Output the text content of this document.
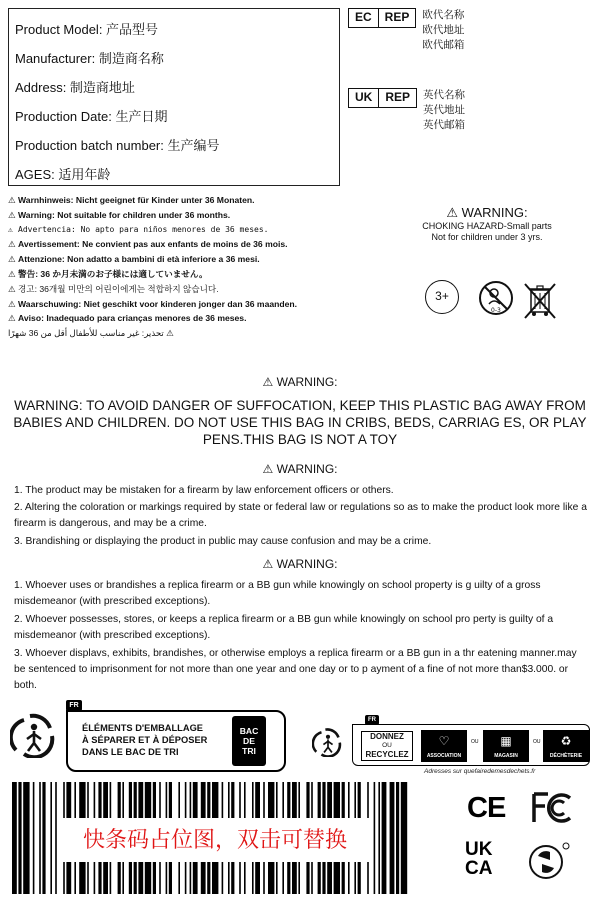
Product Model: 产品型号
Manufacturer: 制造商名称
Address: 制造商地址
Production Date: 生产日期
Production batch number: 生产编号
AGES: 适用年龄
EC	REP	欧代名称
欧代地址
欧代邮箱
UK	REP	英代名称
英代地址
英代邮箱
⚠ Warnhinweis: Nicht geeignet für Kinder unter 36 Monaten.
⚠ Warning: Not suitable for children under 36 months.
⚠ Advertencia: No apto para niños menores de 36 meses.
⚠ Avertissement: Ne convient pas aux enfants de moins de 36 mois.
⚠ Attenzione: Non adatto a bambini di età inferiore a 36 mesi.
⚠ 警告: 36 か月未満のお子様には適していません。
⚠ 경고: 36개월 미만의 어린이에게는 적합하지 않습니다.
⚠ Waarschuwing: Niet geschikt voor kinderen jonger dan 36 maanden.
⚠ Aviso: Inadequado para crianças menores de 36 meses.
تحذير: غير مناسب للأطفال أقل من 36 شهرًا ⚠
⚠ WARNING:
CHOKING HAZARD-Small parts
Not for children under 3 yrs.
3+
0-3
⚠ WARNING:
WARNING: TO AVOID DANGER OF SUFFOCATION, KEEP THIS PLASTIC BAG AWAY FROM BABIES AND CHILDREN. DO NOT USE THIS BAG IN CRIBS, BEDS, CARRIAG ES, OR PLAY PENS.THIS BAG IS NOT A TOY
⚠ WARNING:
1. The product may be mistaken for a firearm by law enforcement officers or others.
2. Altering the coloration or markings required by state or federal law or regulations so as to make the product look more like a firearm is dangerous, and may be a crime.
3. Brandishing or displaying the product in public may cause confusion and may be a crime.
⚠ WARNING:
1. Whoever uses or brandishes a replica firearm or a BB gun while knowingly on school property is g uilty of a gross misdemeanor (with prescribed exceptions).
2. Whoever possesses, stores, or keeps a replica firearm or a BB gun while knowingly on school pro perty is guilty of a misdemeanor (with prescribed exceptions).
3. Whoever displavs, exhibits, brandishes, or otherwise employs a replica firearm or a BB gun in a thr eatening manner.may be sentenced to imprisonment for not more than one year and one day or to p ayment of a fine of not more than$3.000. or both.
FR
ÉLÉMENTS D'EMBALLAGE
À SÉPARER ET À DÉPOSER
DANS LE BAC DE TRI
BAC
DE
TRI
FR
DONNEZ
OU
RECYCLEZ
♡
ASSOCIATION
OU	▦
MAGASIN
OU	♻
DÉCHÈTERIE
Adresses sur quefairedemesdechets.fr
快条码占位图，双击可替换
CE
UK
CA
